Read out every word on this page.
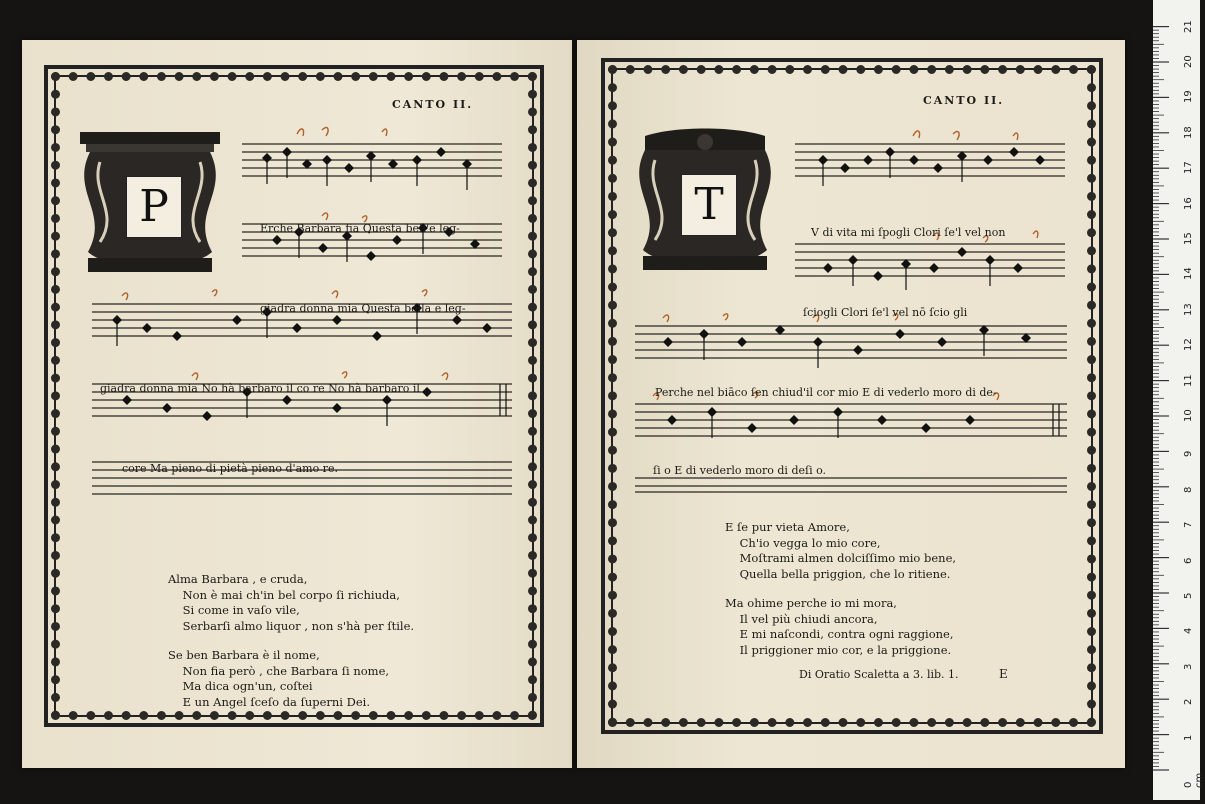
CANTO II.
P	Erche Barbara fia Questa bell'e leg-
giadra donna mia Questa bella e leg-
giadra donna mia Nō hà barbaro il co re Nō hà barbaro il
core Ma pieno di pietà pieno d'amo re.
Alma Barbara , e cruda,
Non è mai ch'in bel corpo ſi richiuda,
Si come in vaſo vile,
Serbarſi almo liquor , non s'hà per ſtile.
Se ben Barbara è il nome,
Non fia però , che Barbara ſi nome,
Ma dica ogn'un, coſtei
E un Angel ſceſo da ſuperni Dei.
CANTO II.
T
V di vita mi ſpogli Clori ſe'l vel non
ſciogli Clori ſe'l vel nō ſcio gli
Perche nel biāco ſen chiud'il cor mio E di vederlo moro di de-
ſi o E di vederlo moro di deſi o.
E ſe pur vieta Amore,
Ch'io vegga lo mio core,
Moſtrami almen dolciſſimo mio bene,
Quella bella priggion, che lo ritiene.
Ma ohime perche io mi mora,
Il vel più chiudi ancora,
E mi naſcondi, contra ogni raggione,
Il priggioner mio cor, e la priggione.
Di Oratio Scaletta a 3. lib. 1.	E
0 cm
1
2
3
4
5
6
7
8
9
10
11
12
13
14
15
16
17
18
19
20
21
